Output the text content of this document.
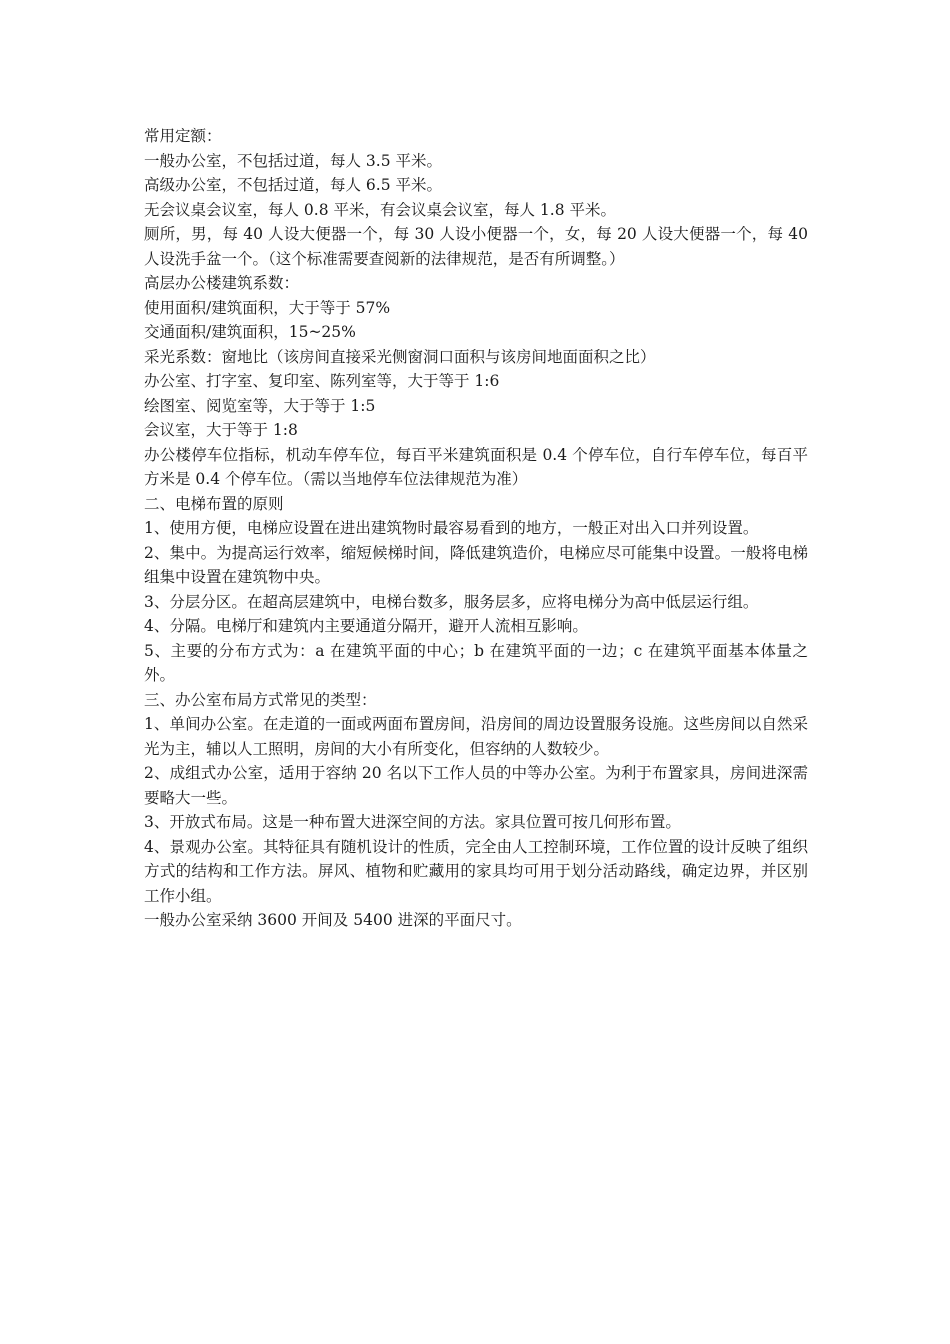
常用定额：

一般办公室，不包括过道，每人 3.5 平米。

高级办公室，不包括过道，每人 6.5 平米。

无会议桌会议室，每人 0.8 平米，有会议桌会议室，每人 1.8 平米。

厕所，男，每 40 人设大便器一个，每 30 人设小便器一个，女，每 20 人设大便器一个，每 40 人设洗手盆一个。（这个标准需要查阅新的法律规范，是否有所调整。）

高层办公楼建筑系数：

使用面积/建筑面积，大于等于 57%

交通面积/建筑面积，15~25%

采光系数：窗地比（该房间直接采光侧窗洞口面积与该房间地面面积之比）

办公室、打字室、复印室、陈列室等，大于等于 1:6

绘图室、阅览室等，大于等于 1:5

会议室，大于等于 1:8

办公楼停车位指标，机动车停车位，每百平米建筑面积是 0.4 个停车位，自行车停车位，每百平方米是 0.4 个停车位。（需以当地停车位法律规范为准）

二、电梯布置的原则

1、使用方便，电梯应设置在进出建筑物时最容易看到的地方，一般正对出入口并列设置。

2、集中。为提高运行效率，缩短候梯时间，降低建筑造价，电梯应尽可能集中设置。一般将电梯组集中设置在建筑物中央。

3、分层分区。在超高层建筑中，电梯台数多，服务层多，应将电梯分为高中低层运行组。

4、分隔。电梯厅和建筑内主要通道分隔开，避开人流相互影响。

5、主要的分布方式为：a 在建筑平面的中心；b 在建筑平面的一边；c 在建筑平面基本体量之外。

三、办公室布局方式常见的类型：

1、单间办公室。在走道的一面或两面布置房间，沿房间的周边设置服务设施。这些房间以自然采光为主，辅以人工照明，房间的大小有所变化，但容纳的人数较少。

2、成组式办公室，适用于容纳 20 名以下工作人员的中等办公室。为利于布置家具，房间进深需要略大一些。

3、开放式布局。这是一种布置大进深空间的方法。家具位置可按几何形布置。

4、景观办公室。其特征具有随机设计的性质，完全由人工控制环境，工作位置的设计反映了组织方式的结构和工作方法。屏风、植物和贮藏用的家具均可用于划分活动路线，确定边界，并区别工作小组。

一般办公室采纳 3600 开间及 5400 进深的平面尺寸。
